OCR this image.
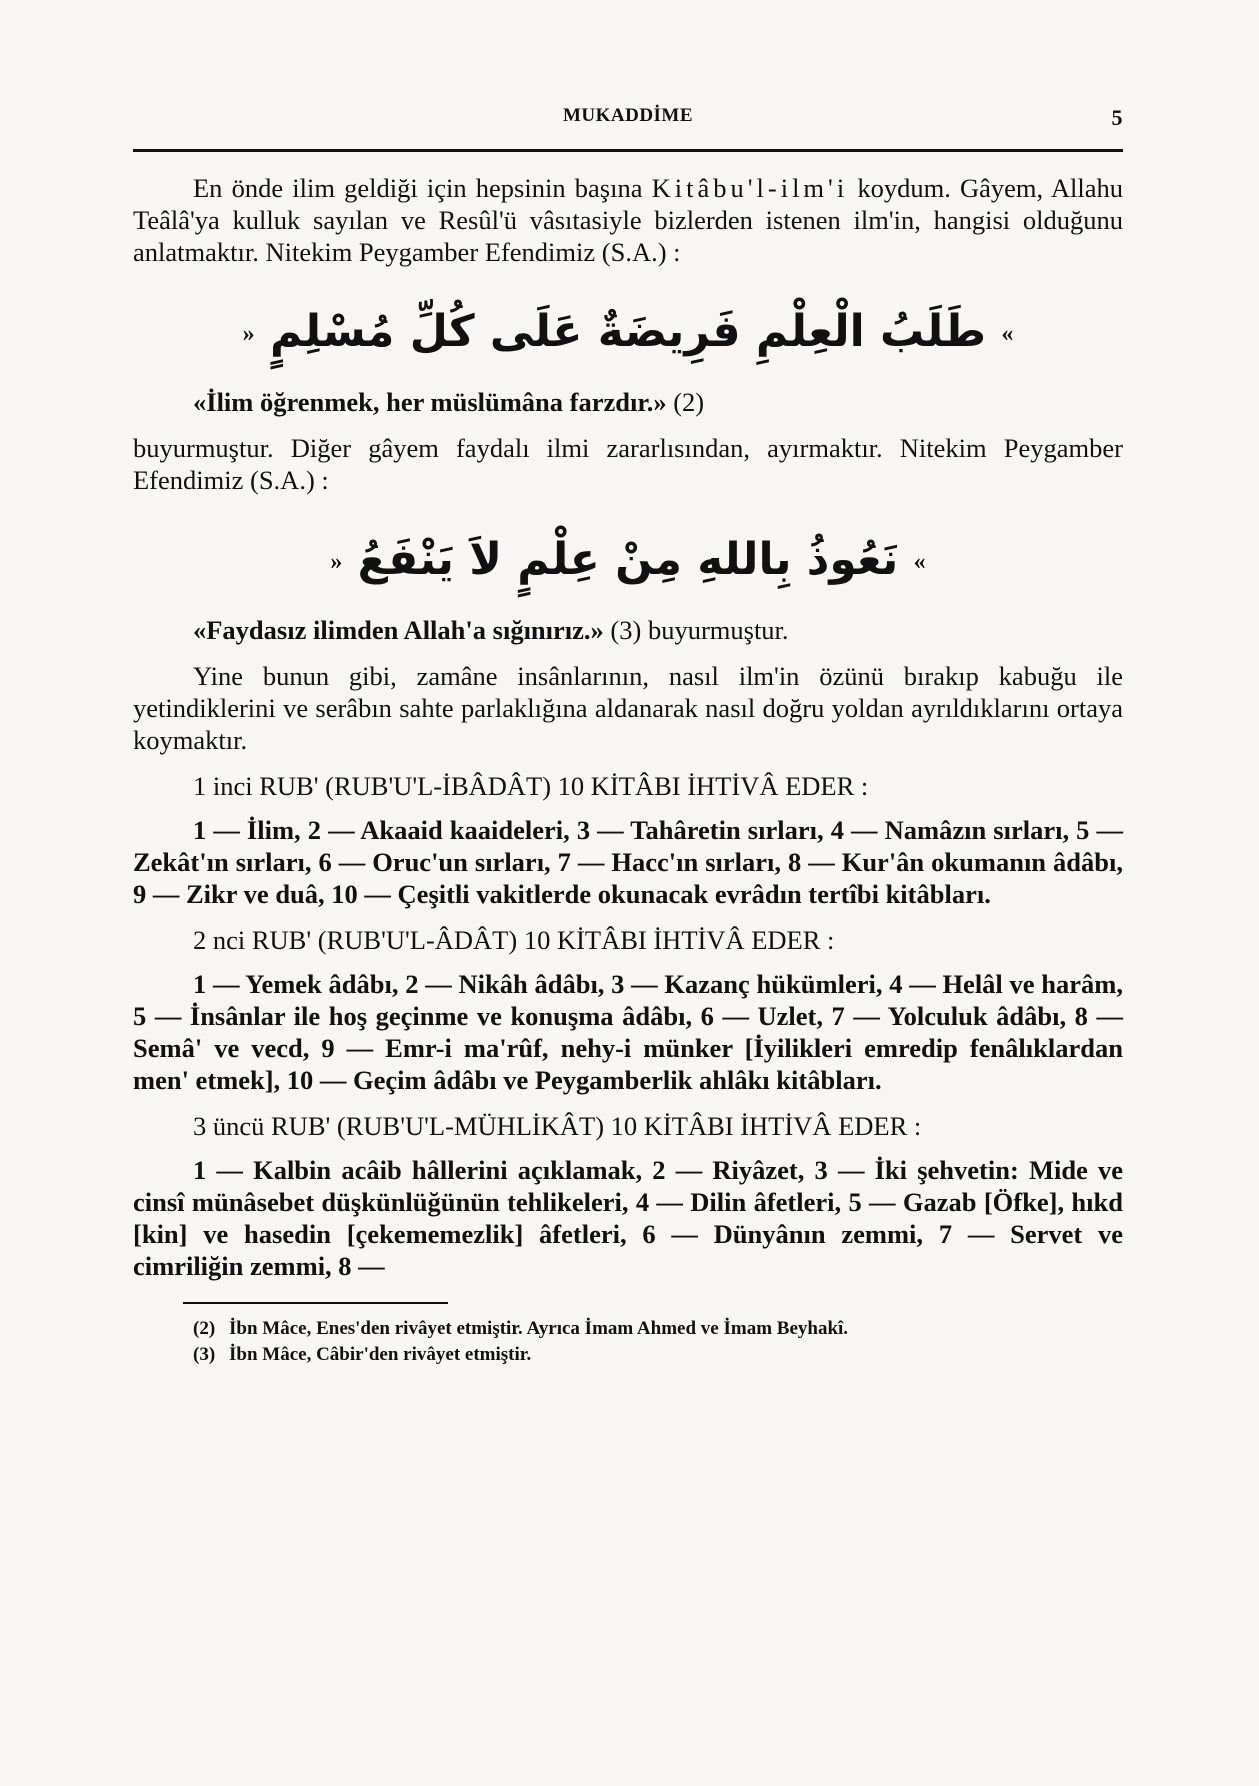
MUKADDİME	5

En önde ilim geldiği için hepsinin başına Kitâbu'l-ilm'i koydum. Gâyem, Allahu Teâlâ'ya kulluk sayılan ve Resûl'ü vâsıtasiyle bizlerden istenen ilm'in, hangisi olduğunu anlatmaktır. Nitekim Peygamber Efendimiz (S.A.) :

» طَلَبُ الْعِلْمِ فَرِيضَةٌ عَلَى كُلِّ مُسْلِمٍ «

«İlim öğrenmek, her müslümâna farzdır.» (2)

buyurmuştur. Diğer gâyem faydalı ilmi zararlısından, ayırmaktır. Nitekim Peygamber Efendimiz (S.A.) :

» نَعُوذُ بِاللهِ مِنْ عِلْمٍ لاَ يَنْفَعُ «

«Faydasız ilimden Allah'a sığınırız.» (3) buyurmuştur.

Yine bunun gibi, zamâne insânlarının, nasıl ilm'in özünü bırakıp kabuğu ile yetindiklerini ve serâbın sahte parlaklığına aldanarak nasıl doğru yoldan ayrıldıklarını ortaya koymaktır.

1 inci RUB' (RUB'U'L-İBÂDÂT) 10 KİTÂBI İHTİVÂ EDER :

1 — İlim, 2 — Akaaid kaaideleri, 3 — Tahâretin sırları, 4 — Namâzın sırları, 5 — Zekât'ın sırları, 6 — Oruc'un sırları, 7 — Hacc'ın sırları, 8 — Kur'ân okumanın âdâbı, 9 — Zikr ve duâ, 10 — Çeşitli vakitlerde okunacak evrâdın tertîbi kitâbları.

2 nci RUB' (RUB'U'L-ÂDÂT) 10 KİTÂBI İHTİVÂ EDER :

1 — Yemek âdâbı, 2 — Nikâh âdâbı, 3 — Kazanç hükümleri, 4 — Helâl ve harâm, 5 — İnsânlar ile hoş geçinme ve konuşma âdâbı, 6 — Uzlet, 7 — Yolculuk âdâbı, 8 — Semâ' ve vecd, 9 — Emr-i ma'rûf, nehy-i münker [İyilikleri emredip fenâlıklardan men' etmek], 10 — Geçim âdâbı ve Peygamberlik ahlâkı kitâbları.

3 üncü RUB' (RUB'U'L-MÜHLİKÂT) 10 KİTÂBI İHTİVÂ EDER :

1 — Kalbin acâib hâllerini açıklamak, 2 — Riyâzet, 3 — İki şehvetin: Mide ve cinsî münâsebet düşkünlüğünün tehlikeleri, 4 — Dilin âfetleri, 5 — Gazab [Öfke], hıkd [kin] ve hasedin [çekememezlik] âfetleri, 6 — Dünyânın zemmi, 7 — Servet ve cimriliğin zemmi, 8 —

(2) İbn Mâce, Enes'den rivâyet etmiştir. Ayrıca İmam Ahmed ve İmam Beyhakî.
(3) İbn Mâce, Câbir'den rivâyet etmiştir.
